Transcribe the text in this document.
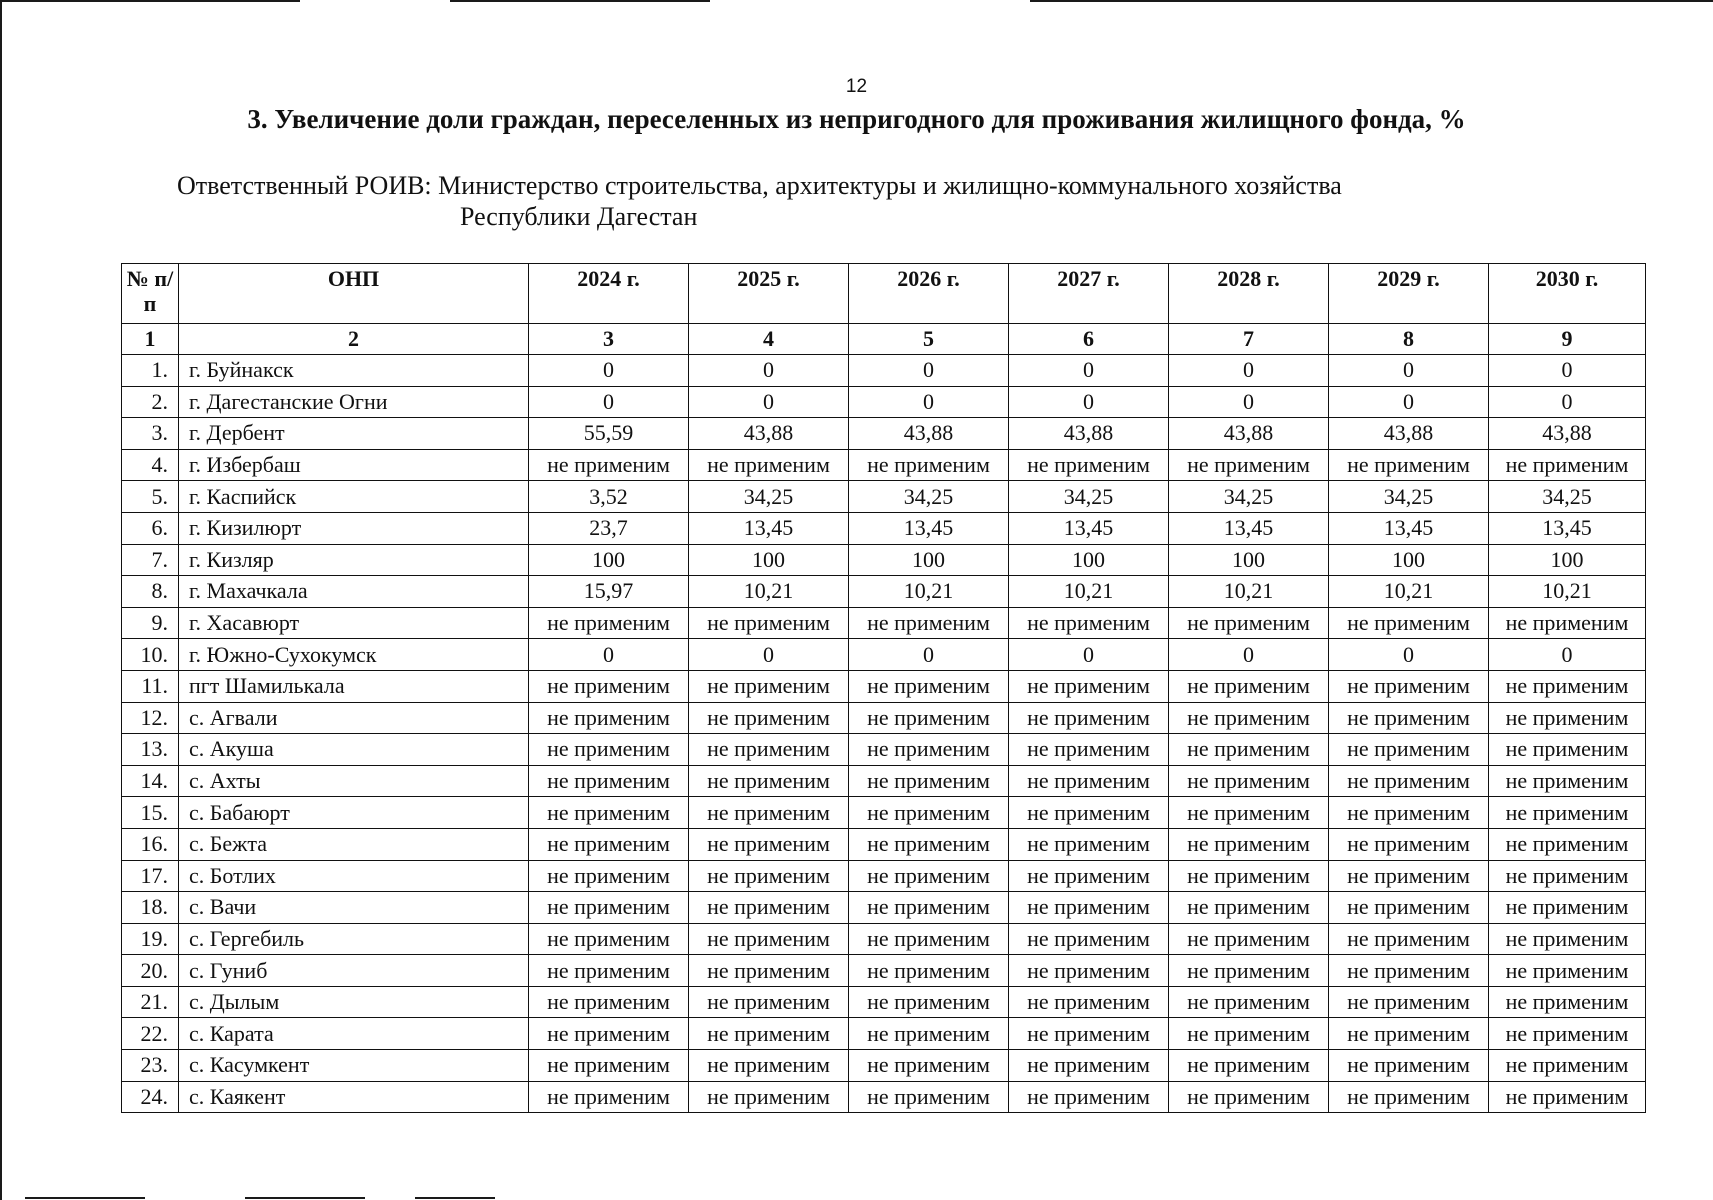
12
3. Увеличение доли граждан, переселенных из непригодного для проживания жилищного фонда, %
Ответственный РОИВ: Министерство строительства, архитектуры и жилищно-коммунального хозяйства
Республики Дагестан
№ п/п	ОНП	2024 г.	2025 г.	2026 г.	2027 г.	2028 г.	2029 г.	2030 г.
1	2	3	4	5	6	7	8	9
1.	г. Буйнакск	0	0	0	0	0	0	0
2.	г. Дагестанские Огни	0	0	0	0	0	0	0
3.	г. Дербент	55,59	43,88	43,88	43,88	43,88	43,88	43,88
4.	г. Избербаш	не применим	не применим	не применим	не применим	не применим	не применим	не применим
5.	г. Каспийск	3,52	34,25	34,25	34,25	34,25	34,25	34,25
6.	г. Кизилюрт	23,7	13,45	13,45	13,45	13,45	13,45	13,45
7.	г. Кизляр	100	100	100	100	100	100	100
8.	г. Махачкала	15,97	10,21	10,21	10,21	10,21	10,21	10,21
9.	г. Хасавюрт	не применим	не применим	не применим	не применим	не применим	не применим	не применим
10.	г. Южно-Сухокумск	0	0	0	0	0	0	0
11.	пгт Шамилькала	не применим	не применим	не применим	не применим	не применим	не применим	не применим
12.	с. Агвали	не применим	не применим	не применим	не применим	не применим	не применим	не применим
13.	с. Акуша	не применим	не применим	не применим	не применим	не применим	не применим	не применим
14.	с. Ахты	не применим	не применим	не применим	не применим	не применим	не применим	не применим
15.	с. Бабаюрт	не применим	не применим	не применим	не применим	не применим	не применим	не применим
16.	с. Бежта	не применим	не применим	не применим	не применим	не применим	не применим	не применим
17.	с. Ботлих	не применим	не применим	не применим	не применим	не применим	не применим	не применим
18.	с. Вачи	не применим	не применим	не применим	не применим	не применим	не применим	не применим
19.	с. Гергебиль	не применим	не применим	не применим	не применим	не применим	не применим	не применим
20.	с. Гуниб	не применим	не применим	не применим	не применим	не применим	не применим	не применим
21.	с. Дылым	не применим	не применим	не применим	не применим	не применим	не применим	не применим
22.	с. Карата	не применим	не применим	не применим	не применим	не применим	не применим	не применим
23.	с. Касумкент	не применим	не применим	не применим	не применим	не применим	не применим	не применим
24.	с. Каякент	не применим	не применим	не применим	не применим	не применим	не применим	не применим
